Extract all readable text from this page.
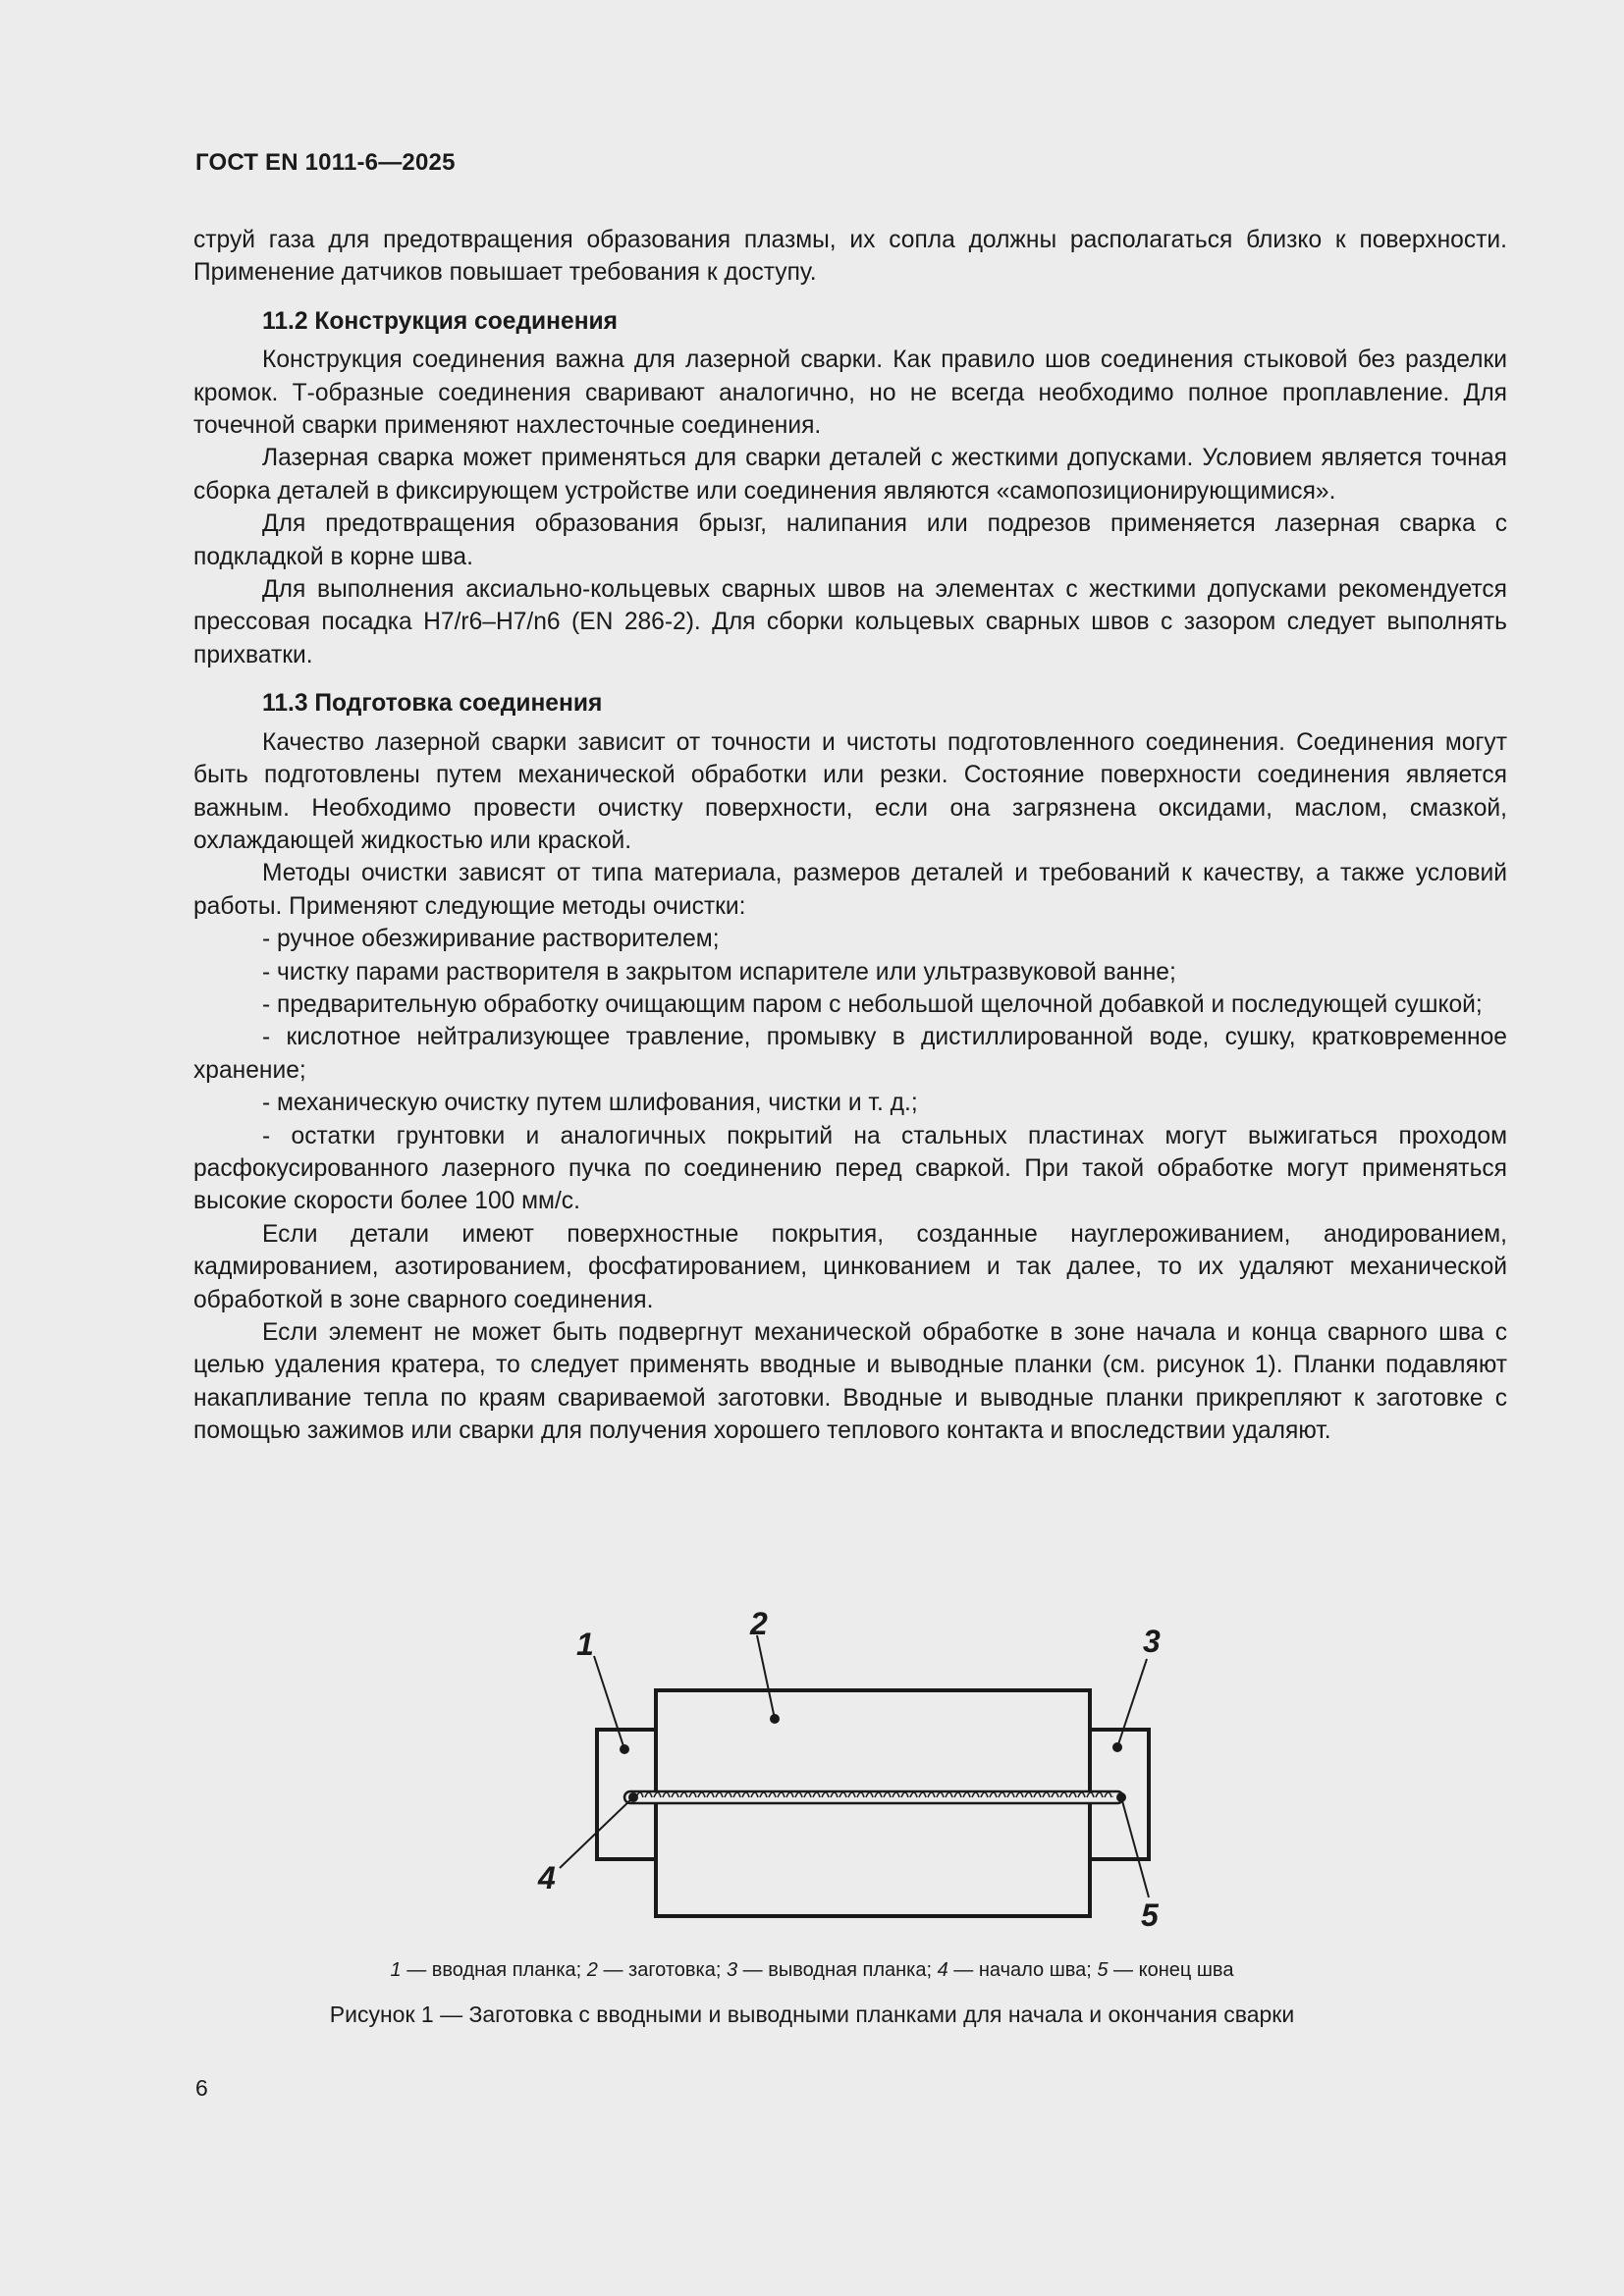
ГОСТ EN 1011-6—2025

струй газа для предотвращения образования плазмы, их сопла должны располагаться близко к поверхности. Применение датчиков повышает требования к доступу.

11.2 Конструкция соединения

Конструкция соединения важна для лазерной сварки. Как правило шов соединения стыковой без разделки кромок. Т-образные соединения сваривают аналогично, но не всегда необходимо полное проплавление. Для точечной сварки применяют нахлесточные соединения.

Лазерная сварка может применяться для сварки деталей с жесткими допусками. Условием является точная сборка деталей в фиксирующем устройстве или соединения являются «самопозиционирующимися».

Для предотвращения образования брызг, налипания или подрезов применяется лазерная сварка с подкладкой в корне шва.

Для выполнения аксиально-кольцевых сварных швов на элементах с жесткими допусками рекомендуется прессовая посадка H7/r6–H7/n6 (EN 286-2). Для сборки кольцевых сварных швов с зазором следует выполнять прихватки.

11.3 Подготовка соединения

Качество лазерной сварки зависит от точности и чистоты подготовленного соединения. Соединения могут быть подготовлены путем механической обработки или резки. Состояние поверхности соединения является важным. Необходимо провести очистку поверхности, если она загрязнена оксидами, маслом, смазкой, охлаждающей жидкостью или краской.

Методы очистки зависят от типа материала, размеров деталей и требований к качеству, а также условий работы. Применяют следующие методы очистки:

- ручное обезжиривание растворителем;

- чистку парами растворителя в закрытом испарителе или ультразвуковой ванне;

- предварительную обработку очищающим паром с небольшой щелочной добавкой и последующей сушкой;

- кислотное нейтрализующее травление, промывку в дистиллированной воде, сушку, кратковременное хранение;

- механическую очистку путем шлифования, чистки и т. д.;

- остатки грунтовки и аналогичных покрытий на стальных пластинах могут выжигаться проходом расфокусированного лазерного пучка по соединению перед сваркой. При такой обработке могут применяться высокие скорости более 100 мм/с.

Если детали имеют поверхностные покрытия, созданные науглероживанием, анодированием, кадмированием, азотированием, фосфатированием, цинкованием и так далее, то их удаляют механической обработкой в зоне сварного соединения.

Если элемент не может быть подвергнут механической обработке в зоне начала и конца сварного шва с целью удаления кратера, то следует применять вводные и выводные планки (см. рисунок 1). Планки подавляют накапливание тепла по краям свариваемой заготовки. Вводные и выводные планки прикрепляют к заготовке с помощью зажимов или сварки для получения хорошего теплового контакта и впоследствии удаляют.

1
2	3
4
5
1 — вводная планка; 2 — заготовка; 3 — выводная планка; 4 — начало шва; 5 — конец шва
Рисунок 1 — Заготовка с вводными и выводными планками для начала и окончания сварки
6
